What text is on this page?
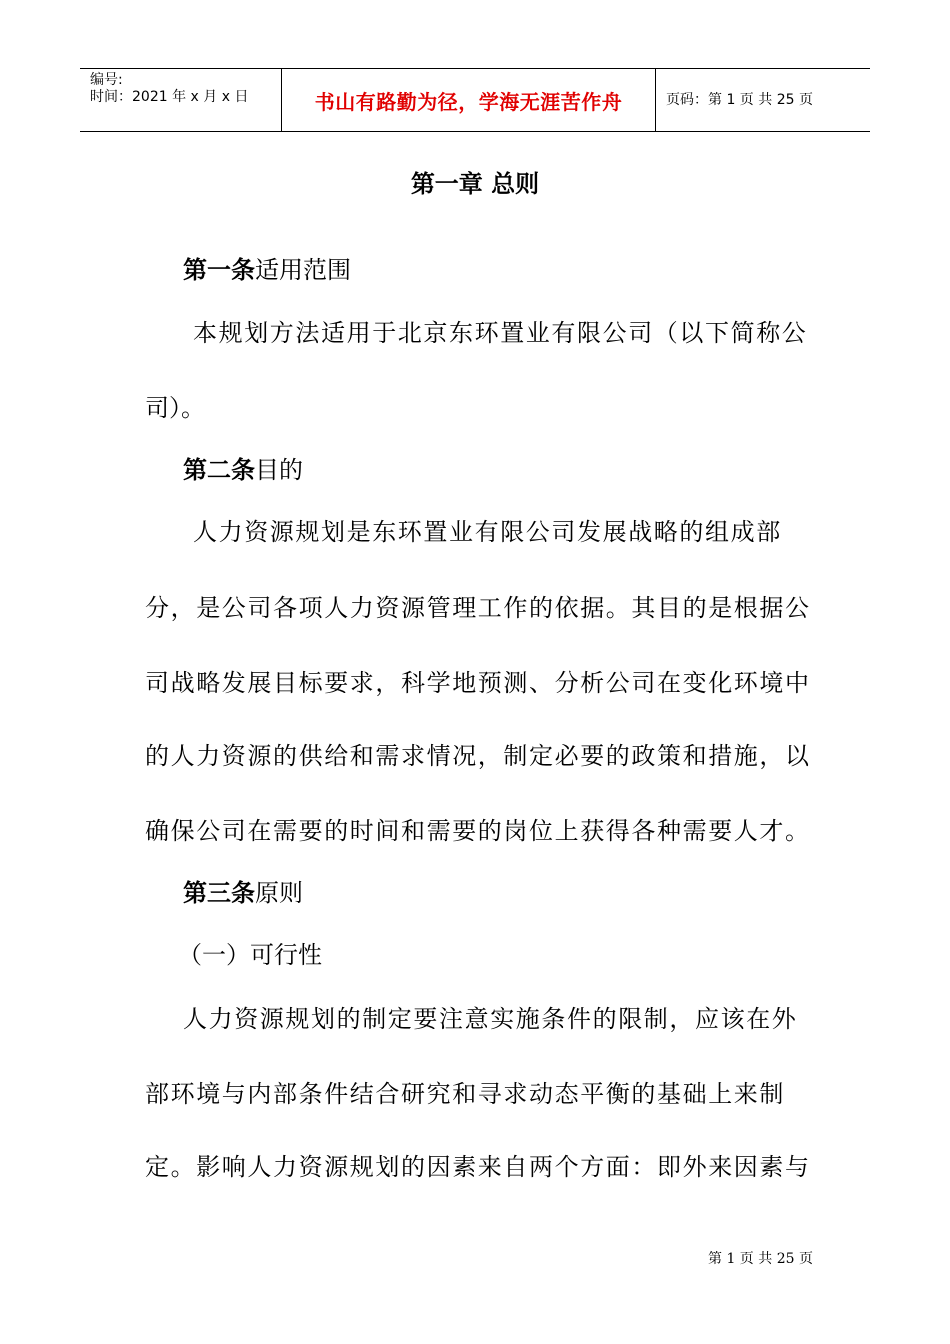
编号:
时间：2021 年 x 月 x 日	书山有路勤为径，学海无涯苦作舟	页码：第 1 页 共 25 页
第一章 总则
第一条适用范围
本规划方法适用于北京东环置业有限公司（以下简称公
司）。
第二条目的
人力资源规划是东环置业有限公司发展战略的组成部
分，是公司各项人力资源管理工作的依据。其目的是根据公
司战略发展目标要求，科学地预测、分析公司在变化环境中
的人力资源的供给和需求情况，制定必要的政策和措施，以
确保公司在需要的时间和需要的岗位上获得各种需要人才。
第三条原则
（一）可行性
人力资源规划的制定要注意实施条件的限制，应该在外
部环境与内部条件结合研究和寻求动态平衡的基础上来制
定。影响人力资源规划的因素来自两个方面：即外来因素与
第 1 页 共 25 页
